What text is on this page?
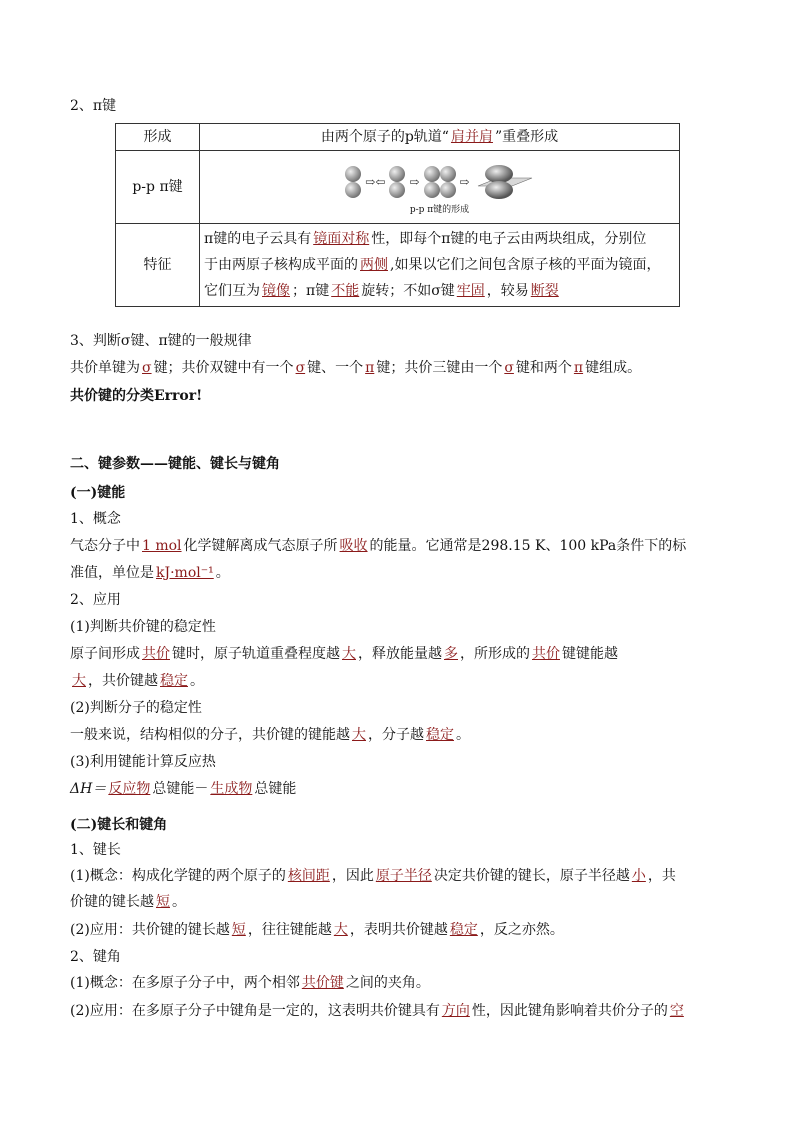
2、π键
形成	由两个原子的p轨道“ 肩并肩 ”重叠形成
p-p π键	⇨⇦ ⇨ ⇨
p-p π键的形成

特征	π键的电子云具有 镜面对称 性，即每个π键的电子云由两块组成，分别位
于由两原子核构成平面的 两侧 ,如果以它们之间包含原子核的平面为镜面，
它们互为 镜像 ；π键 不能 旋转；不如σ键 牢固 ，较易 断裂
3、判断σ键、π键的一般规律
共价单键为 σ 键；共价双键中有一个 σ 键、一个 π 键；共价三键由一个 σ 键和两个 π 键组成。
共价键的分类Error!
二、键参数——键能、键长与键角
(一)键能
1、概念
气态分子中 1 mol 化学键解离成气态原子所 吸收 的能量。它通常是298.15 K、100 kPa条件下的标
准值，单位是 kJ·mol⁻¹ 。
2、应用
(1)判断共价键的稳定性
原子间形成 共价 键时，原子轨道重叠程度越 大 ，释放能量越 多 ，所形成的 共价 键键能越
大 ，共价键越 稳定 。
(2)判断分子的稳定性
一般来说，结构相似的分子，共价键的键能越 大 ，分子越 稳定 。
(3)利用键能计算反应热
ΔH＝ 反应物 总键能－ 生成物 总键能
(二)键长和键角
1、键长
(1)概念：构成化学键的两个原子的 核间距 ，因此 原子半径 决定共价键的键长，原子半径越 小 ，共
价键的键长越 短 。
(2)应用：共价键的键长越 短 ，往往键能越 大 ，表明共价键越 稳定 ，反之亦然。
2、键角
(1)概念：在多原子分子中，两个相邻 共价键 之间的夹角。
(2)应用：在多原子分子中键角是一定的，这表明共价键具有 方向 性，因此键角影响着共价分子的 空
